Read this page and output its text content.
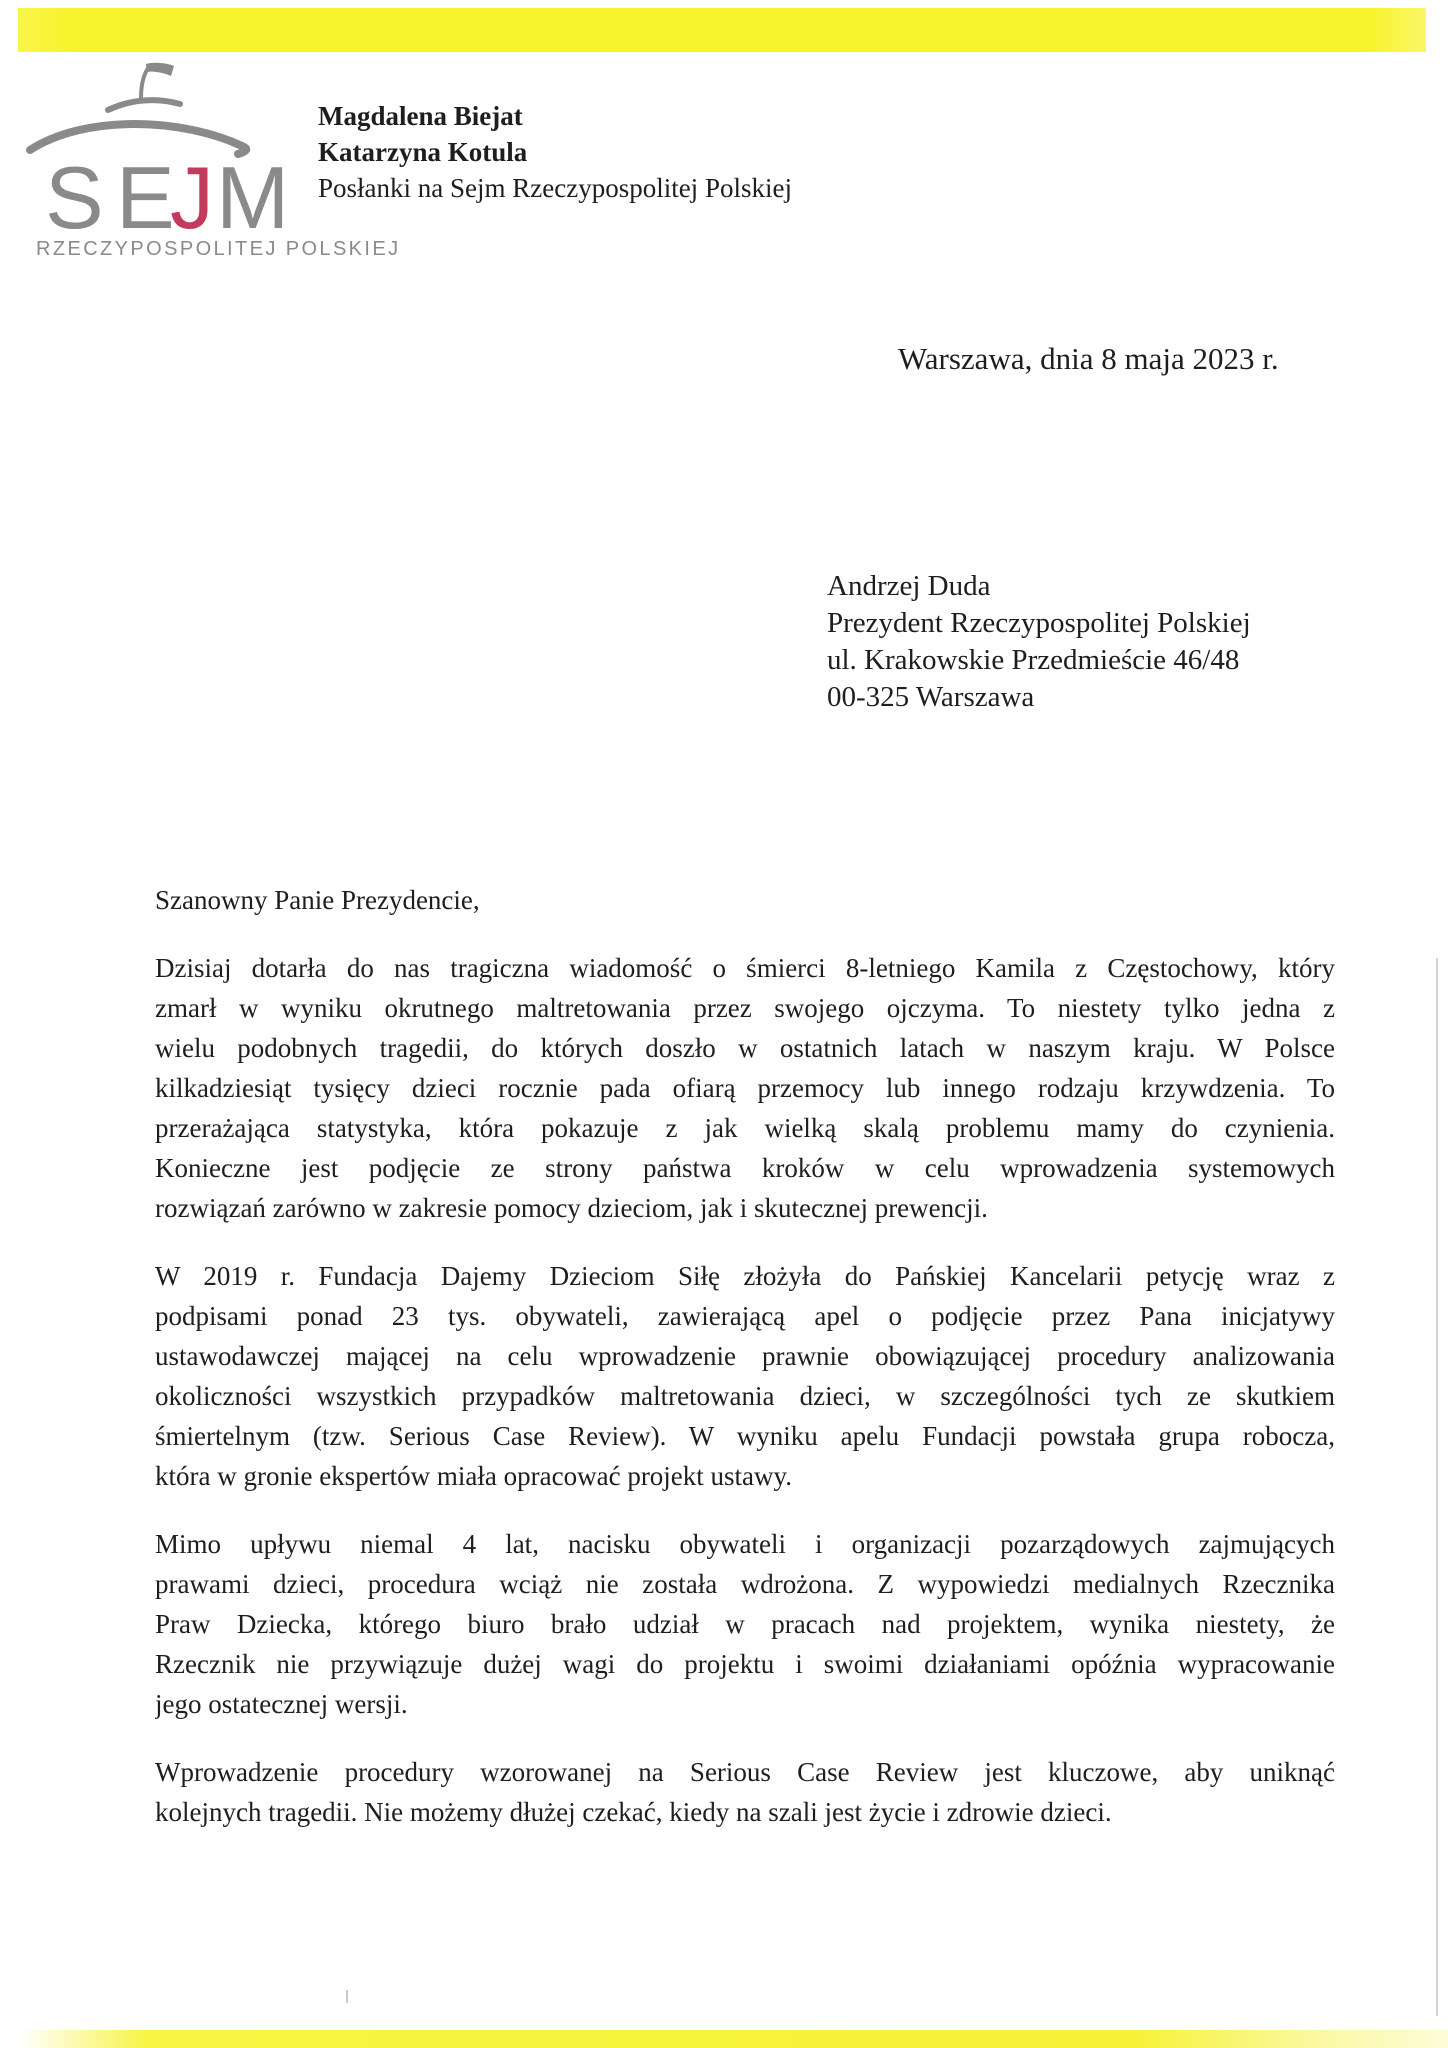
S E
J M
RZECZYPOSPOLITEJ POLSKIEJ
Magdalena Biejat
Katarzyna Kotula
Posłanki na Sejm Rzeczypospolitej Polskiej
Warszawa, dnia 8 maja 2023 r.
Andrzej Duda
Prezydent Rzeczypospolitej Polskiej
ul. Krakowskie Przedmieście 46/48
00-325 Warszawa
Szanowny Panie Prezydencie,
Dzisiaj dotarła do nas tragiczna wiadomość o śmierci 8-letniego Kamila z Częstochowy, który
zmarł w wyniku okrutnego maltretowania przez swojego ojczyma. To niestety tylko jedna z
wielu podobnych tragedii, do których doszło w ostatnich latach w naszym kraju. W Polsce
kilkadziesiąt tysięcy dzieci rocznie pada ofiarą przemocy lub innego rodzaju krzywdzenia. To
przerażająca statystyka, która pokazuje z jak wielką skalą problemu mamy do czynienia.
Konieczne jest podjęcie ze strony państwa kroków w celu wprowadzenia systemowych
rozwiązań zarówno w zakresie pomocy dzieciom, jak i skutecznej prewencji.
W 2019 r. Fundacja Dajemy Dzieciom Siłę złożyła do Pańskiej Kancelarii petycję wraz z
podpisami ponad 23 tys. obywateli, zawierającą apel o podjęcie przez Pana inicjatywy
ustawodawczej mającej na celu wprowadzenie prawnie obowiązującej procedury analizowania
okoliczności wszystkich przypadków maltretowania dzieci, w szczególności tych ze skutkiem
śmiertelnym (tzw. Serious Case Review). W wyniku apelu Fundacji powstała grupa robocza,
która w gronie ekspertów miała opracować projekt ustawy.
Mimo upływu niemal 4 lat, nacisku obywateli i organizacji pozarządowych zajmujących
prawami dzieci, procedura wciąż nie została wdrożona. Z wypowiedzi medialnych Rzecznika
Praw Dziecka, którego biuro brało udział w pracach nad projektem, wynika niestety, że
Rzecznik nie przywiązuje dużej wagi do projektu i swoimi działaniami opóźnia wypracowanie
jego ostatecznej wersji.
Wprowadzenie procedury wzorowanej na Serious Case Review jest kluczowe, aby uniknąć
kolejnych tragedii. Nie możemy dłużej czekać, kiedy na szali jest życie i zdrowie dzieci.
